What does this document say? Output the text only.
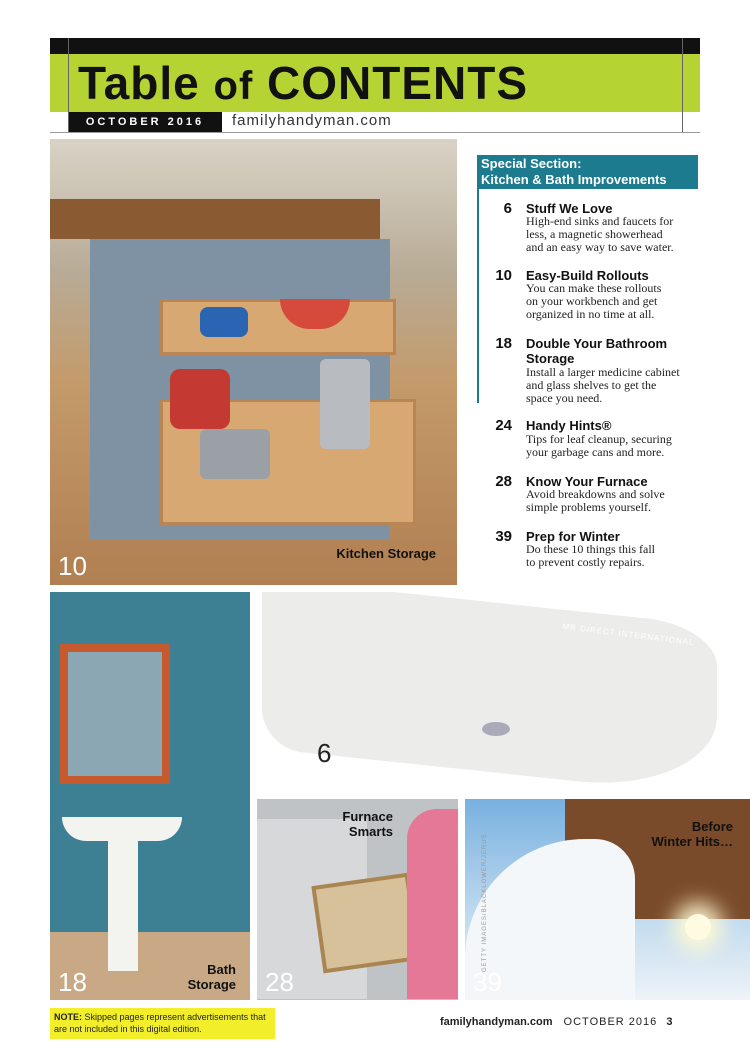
Table of CONTENTS
OCTOBER 2016	familyhandyman.com
10	Kitchen Storage
Special Section:
Kitchen & Bath Improvements
6 Stuff We Love
High-end sinks and faucets for
less, a magnetic showerhead
and an easy way to save water.
10 Easy-Build Rollouts
You can make these rollouts
on your workbench and get
organized in no time at all.
18 Double Your Bathroom
Storage
Install a larger medicine cabinet
and glass shelves to get the
space you need.
24 Handy Hints®
Tips for leaf cleanup, securing
your garbage cans and more.
28 Know Your Furnace
Avoid breakdowns and solve
simple problems yourself.
39 Prep for Winter
Do these 10 things this fall
to prevent costly repairs.
18	Bath
Storage
MR DIRECT INTERNATIONAL
6
28
Furnace
Smarts
GETTY IMAGES/BLACKLOWER/JERUS
39
Before
Winter Hits…
NOTE: Skipped pages represent advertisements that are not included in this digital edition.
familyhandyman.com OCTOBER 2016 3
